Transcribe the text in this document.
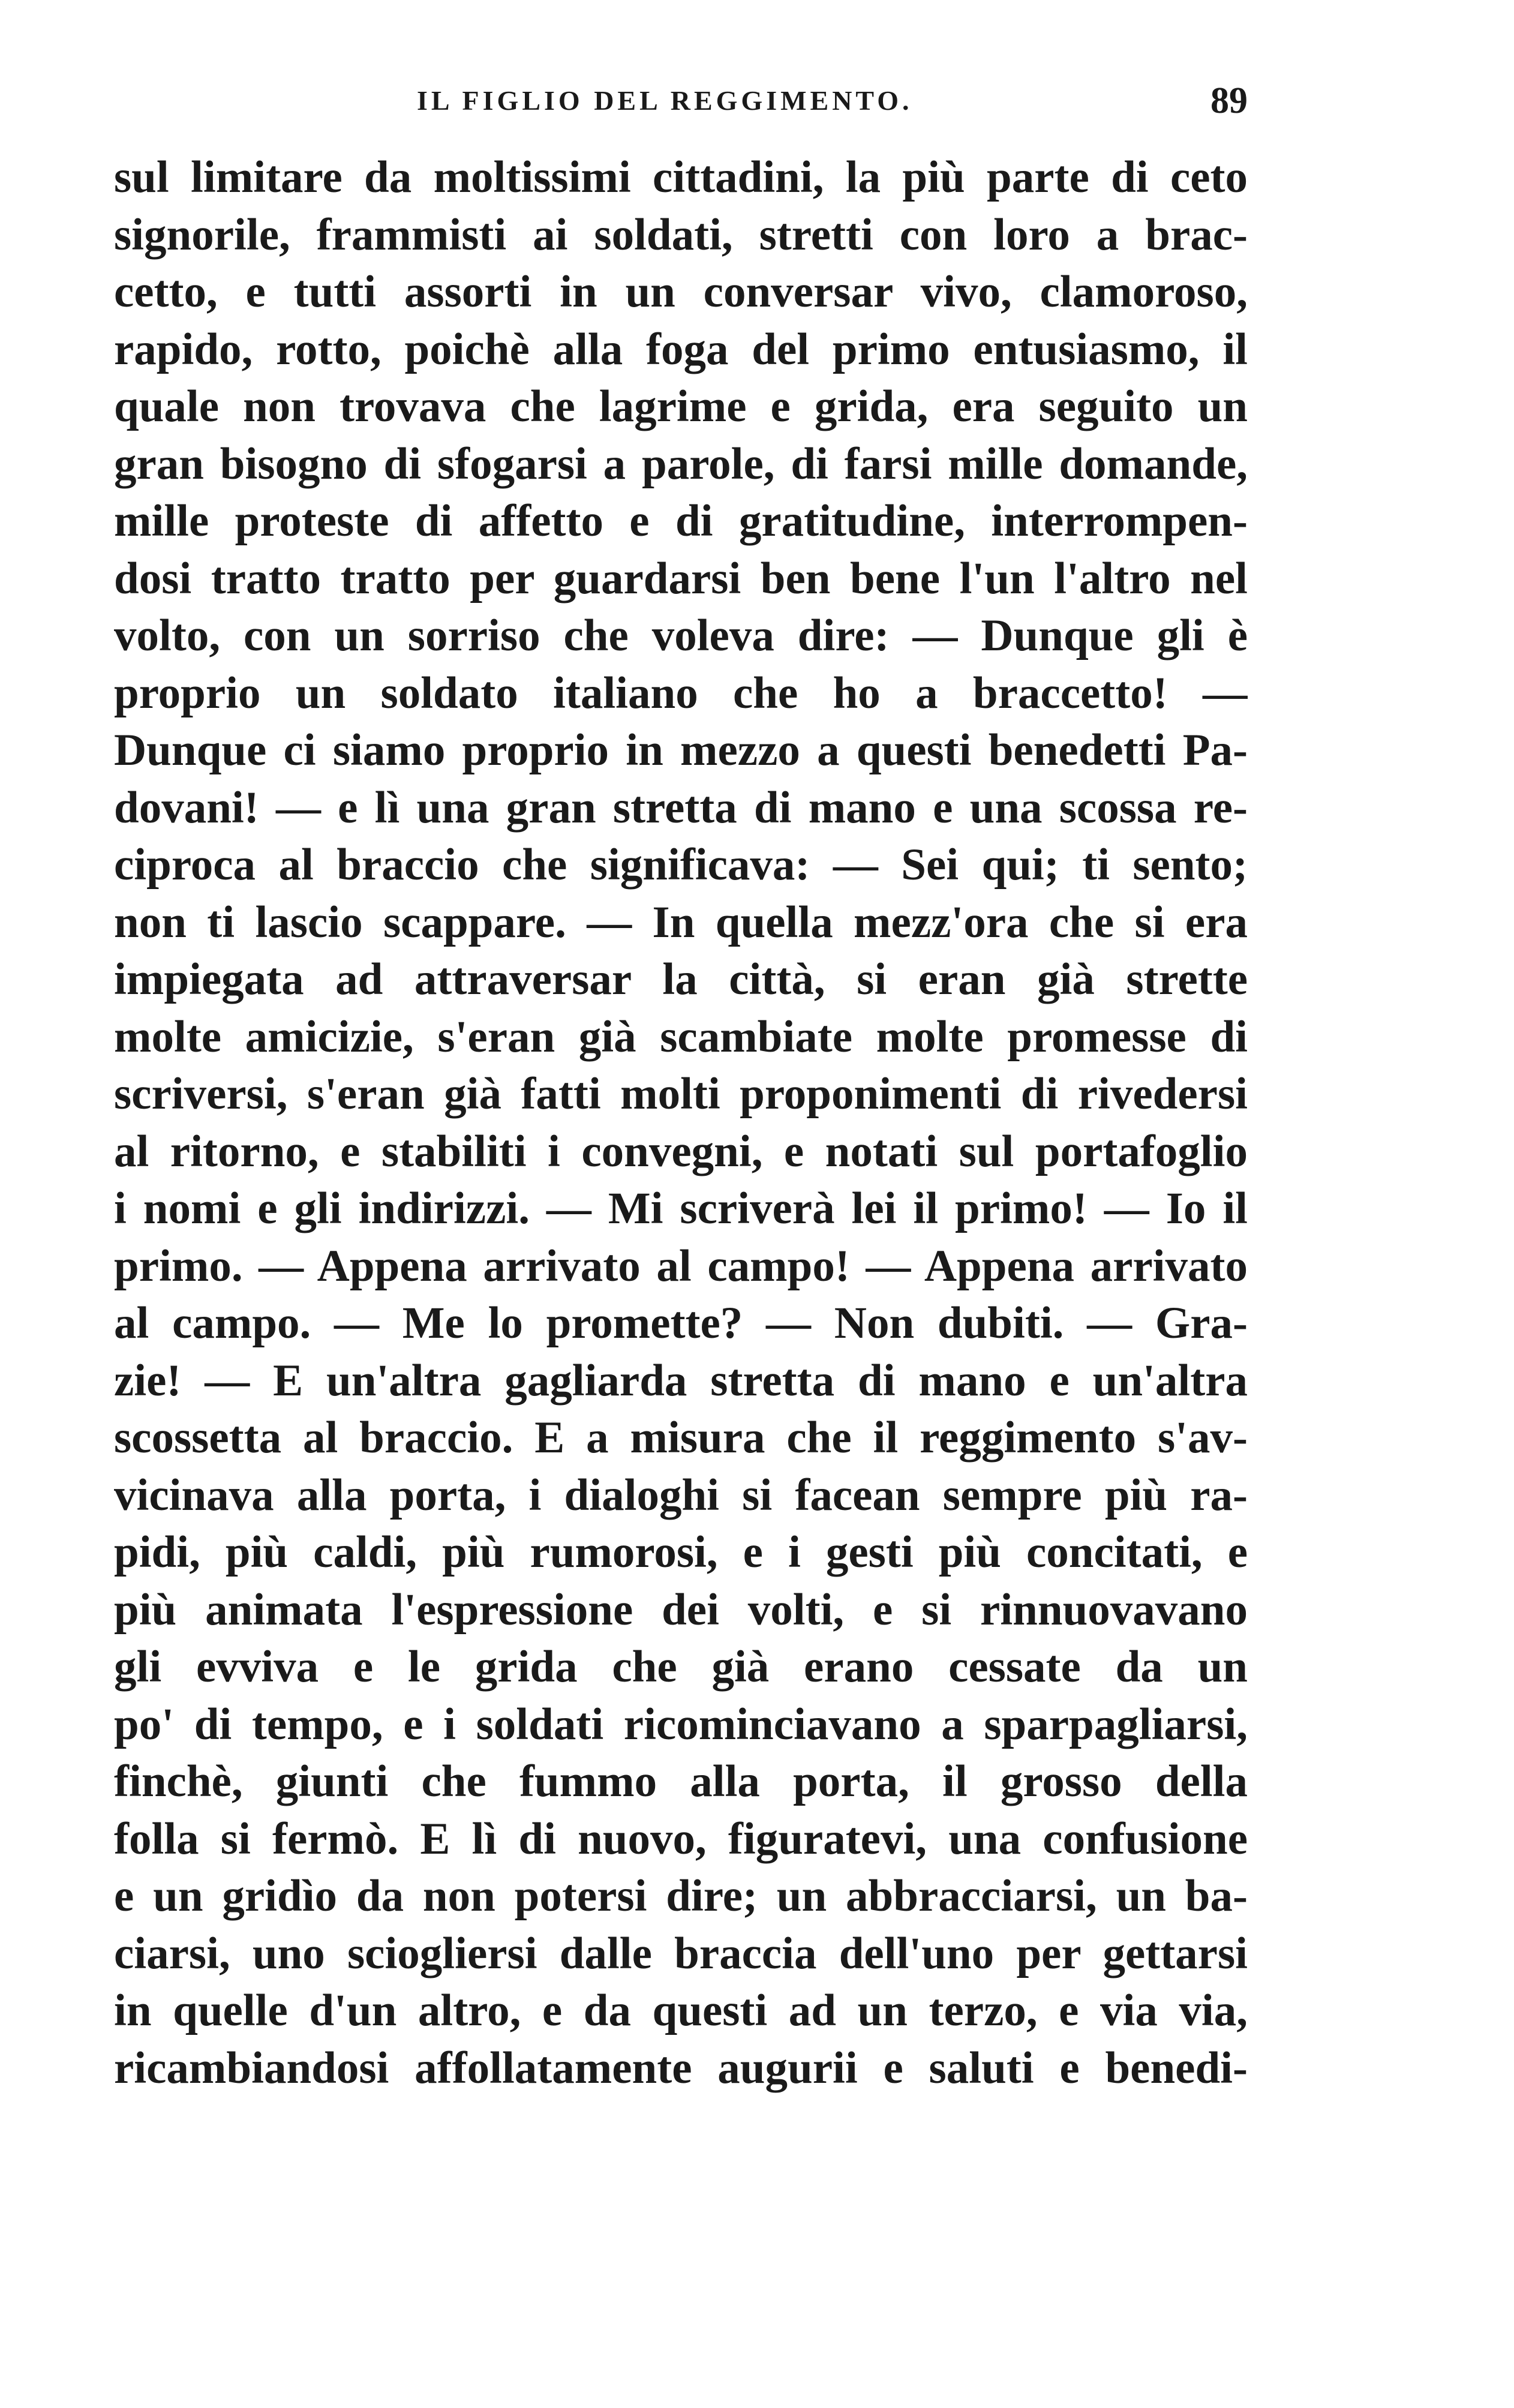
IL FIGLIO DEL REGGIMENTO.	89
sul limitare da moltissimi cittadini, la più parte di ceto
signorile, frammisti ai soldati, stretti con loro a brac-
cetto, e tutti assorti in un conversar vivo, clamoroso,
rapido, rotto, poichè alla foga del primo entusiasmo, il
quale non trovava che lagrime e grida, era seguito un
gran bisogno di sfogarsi a parole, di farsi mille domande,
mille proteste di affetto e di gratitudine, interrompen-
dosi tratto tratto per guardarsi ben bene l'un l'altro nel
volto, con un sorriso che voleva dire: — Dunque gli è
proprio un soldato italiano che ho a braccetto! —
Dunque ci siamo proprio in mezzo a questi benedetti Pa-
dovani! — e lì una gran stretta di mano e una scossa re-
ciproca al braccio che significava: — Sei qui; ti sento;
non ti lascio scappare. — In quella mezz'ora che si era
impiegata ad attraversar la città, si eran già strette
molte amicizie, s'eran già scambiate molte promesse di
scriversi, s'eran già fatti molti proponimenti di rivedersi
al ritorno, e stabiliti i convegni, e notati sul portafoglio
i nomi e gli indirizzi. — Mi scriverà lei il primo! — Io il
primo. — Appena arrivato al campo! — Appena arrivato
al campo. — Me lo promette? — Non dubiti. — Gra-
zie! — E un'altra gagliarda stretta di mano e un'altra
scossetta al braccio. E a misura che il reggimento s'av-
vicinava alla porta, i dialoghi si facean sempre più ra-
pidi, più caldi, più rumorosi, e i gesti più concitati, e
più animata l'espressione dei volti, e si rinnuovavano
gli evviva e le grida che già erano cessate da un
po' di tempo, e i soldati ricominciavano a sparpagliarsi,
finchè, giunti che fummo alla porta, il grosso della
folla si fermò. E lì di nuovo, figuratevi, una confusione
e un gridìo da non potersi dire; un abbracciarsi, un ba-
ciarsi, uno sciogliersi dalle braccia dell'uno per gettarsi
in quelle d'un altro, e da questi ad un terzo, e via via,
ricambiandosi affollatamente augurii e saluti e benedi-
